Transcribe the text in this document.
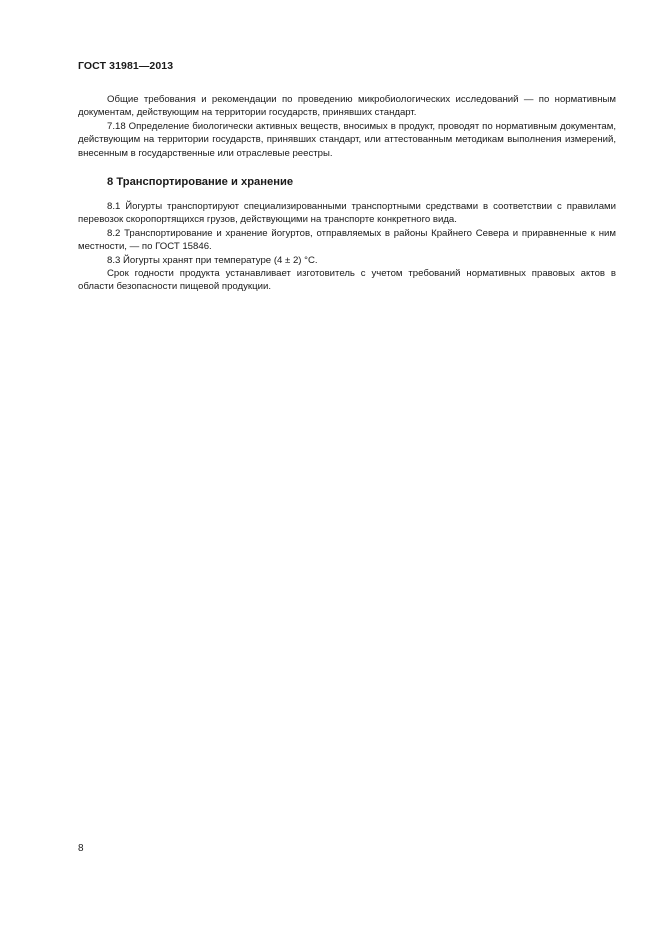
ГОСТ 31981—2013

Общие требования и рекомендации по проведению микробиологических исследований — по нормативным документам, действующим на территории государств, принявших стандарт.

7.18 Определение биологически активных веществ, вносимых в продукт, проводят по нормативным документам, действующим на территории государств, принявших стандарт, или аттестованным методикам выполнения измерений, внесенным в государственные или отраслевые реестры.

8 Транспортирование и хранение

8.1 Йогурты транспортируют специализированными транспортными средствами в соответствии с правилами перевозок скоропортящихся грузов, действующими на транспорте конкретного вида.

8.2 Транспортирование и хранение йогуртов, отправляемых в районы Крайнего Севера и приравненные к ним местности, — по ГОСТ 15846.

8.3 Йогурты хранят при температуре (4 ± 2) °С.

Срок годности продукта устанавливает изготовитель с учетом требований нормативных правовых актов в области безопасности пищевой продукции.

8
